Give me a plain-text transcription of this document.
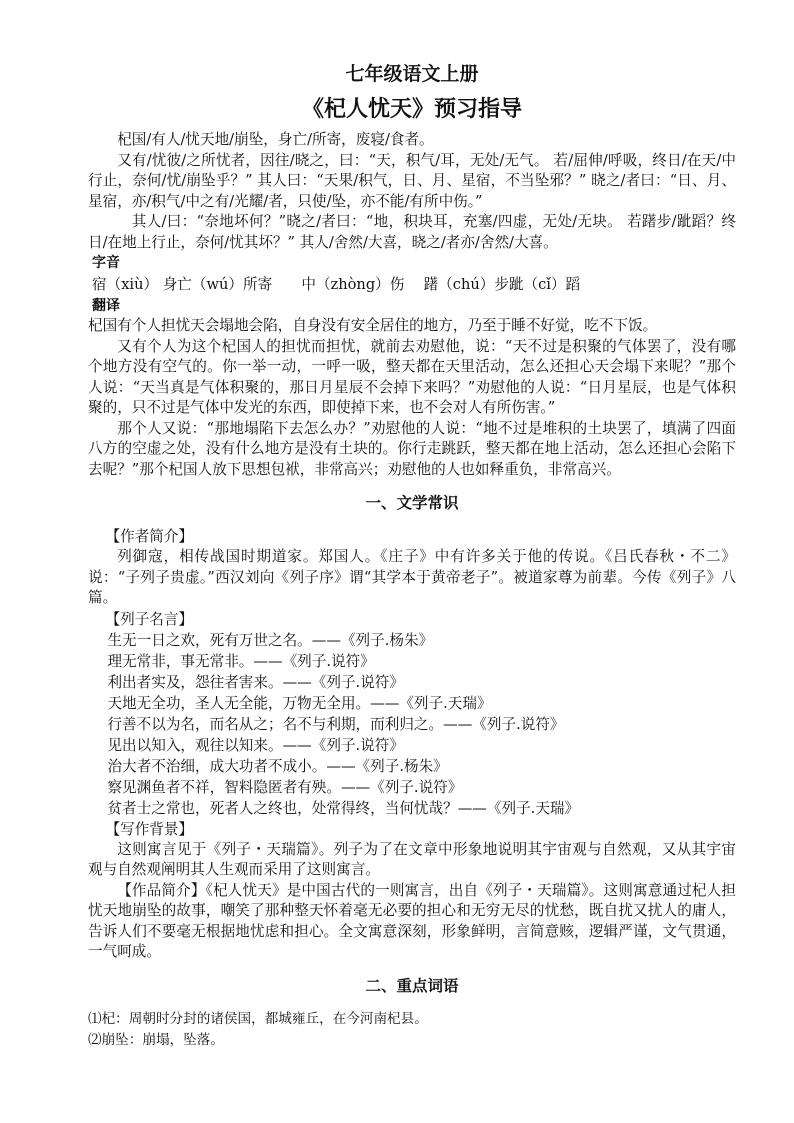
七年级语文上册
《杞人忧天》预习指导

杞国/有人/忧天地/崩坠，身亡/所寄，废寝/食者。

又有/忧彼/之所忧者，因往/晓之，曰：“天，积气/耳，无处/无气。 若/屈伸/呼吸，终日/在天/中行止，奈何/忧/崩坠乎？” 其人曰：“天果/积气，日、月、星宿，不当坠邪？” 晓之/者曰：“日、月、星宿，亦/积气/中之有/光耀/者，只使/坠，亦不能/有所中伤。”

其人/曰：“奈地坏何？”晓之/者曰：“地，积块耳，充塞/四虚，无处/无块。 若躇步/跐蹈？终日/在地上行止，奈何/忧其坏？” 其人/舍然/大喜，晓之/者亦/舍然/大喜。

字音

宿（xiù） 身亡（wú）所寄　　中（zhòng）伤　 躇（chú）步跐（cǐ）蹈

翻译

杞国有个人担忧天会塌地会陷，自身没有安全居住的地方，乃至于睡不好觉，吃不下饭。

又有个人为这个杞国人的担忧而担忧，就前去劝慰他，说：“天不过是积聚的气体罢了，没有哪个地方没有空气的。你一举一动，一呼一吸，整天都在天里活动，怎么还担心天会塌下来呢？”那个人说：“天当真是气体积聚的，那日月星辰不会掉下来吗？”劝慰他的人说：“日月星辰，也是气体积聚的，只不过是气体中发光的东西，即使掉下来，也不会对人有所伤害。”

那个人又说：“那地塌陷下去怎么办？”劝慰他的人说：“地不过是堆积的土块罢了，填满了四面八方的空虚之处，没有什么地方是没有土块的。你行走跳跃，整天都在地上活动，怎么还担心会陷下去呢？”那个杞国人放下思想包袱，非常高兴；劝慰他的人也如释重负，非常高兴。

一、文学常识

【作者简介】

列御寇，相传战国时期道家。郑国人。《庄子》中有许多关于他的传说。《吕氏春秋・不二》说：“子列子贵虚。”西汉刘向《列子序》谓“其学本于黄帝老子”。被道家尊为前辈。今传《列子》八篇。

【列子名言】

生无一日之欢，死有万世之名。——《列子.杨朱》

理无常非，事无常非。——《列子.说符》

利出者实及，怨往者害来。——《列子.说符》

天地无全功，圣人无全能，万物无全用。——《列子.天瑞》

行善不以为名，而名从之；名不与利期，而利归之。——《列子.说符》

见出以知入，观往以知来。——《列子.说符》

治大者不治细，成大功者不成小。——《列子.杨朱》

察见渊鱼者不祥，智料隐匿者有殃。——《列子.说符》

贫者士之常也，死者人之终也，处常得终，当何忧哉？——《列子.天瑞》

【写作背景】

这则寓言见于《列子・天瑞篇》。列子为了在文章中形象地说明其宇宙观与自然观，又从其宇宙观与自然观阐明其人生观而采用了这则寓言。

【作品简介】《杞人忧天》是中国古代的一则寓言，出自《列子・天瑞篇》。这则寓意通过杞人担忧天地崩坠的故事，嘲笑了那种整天怀着毫无必要的担心和无穷无尽的忧愁，既自扰又扰人的庸人，告诉人们不要毫无根据地忧虑和担心。全文寓意深刻，形象鲜明，言简意赅，逻辑严谨，文气贯通，一气呵成。

二、重点词语

⑴杞：周朝时分封的诸侯国，都城雍丘，在今河南杞县。

⑵崩坠：崩塌，坠落。
